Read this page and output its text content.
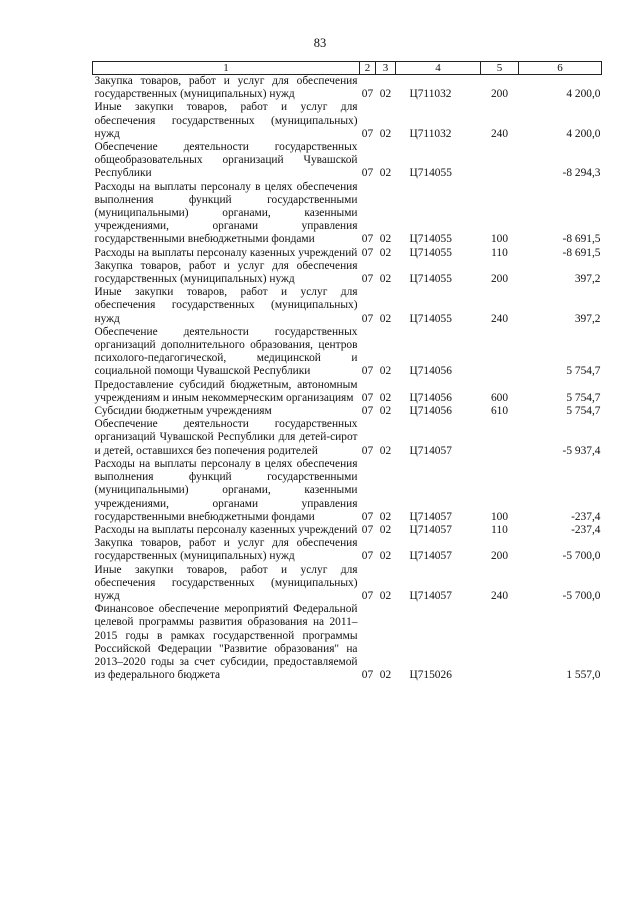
83
1	2	3	4	5	6
Закупка товаров, работ и услуг для обеспечения государственных (муниципальных) нужд	07	02	Ц711032	200	4 200,0
Иные закупки товаров, работ и услуг для обеспечения государственных (муниципальных) нужд	07	02	Ц711032	240	4 200,0
Обеспечение деятельности государственных общеобразовательных организаций Чувашской Республики	07	02	Ц714055		-8 294,3
Расходы на выплаты персоналу в целях обеспечения выполнения функций государственными (муниципальными) органами, казенными учреждениями, органами управления государственными внебюджетными фондами	07	02	Ц714055	100	-8 691,5
Расходы на выплаты персоналу казенных учреждений	07	02	Ц714055	110	-8 691,5
Закупка товаров, работ и услуг для обеспечения государственных (муниципальных) нужд	07	02	Ц714055	200	397,2
Иные закупки товаров, работ и услуг для обеспечения государственных (муниципальных) нужд	07	02	Ц714055	240	397,2
Обеспечение деятельности государственных организаций дополнительного образования, центров психолого-педагогической, медицинской и социальной помощи Чувашской Республики	07	02	Ц714056		5 754,7
Предоставление субсидий бюджетным, автономным учреждениям и иным некоммерческим организациям	07	02	Ц714056	600	5 754,7
Субсидии бюджетным учреждениям	07	02	Ц714056	610	5 754,7
Обеспечение деятельности государственных организаций Чувашской Республики для детей-сирот и детей, оставшихся без попечения родителей	07	02	Ц714057		-5 937,4
Расходы на выплаты персоналу в целях обеспечения выполнения функций государственными (муниципальными) органами, казенными учреждениями, органами управления государственными внебюджетными фондами	07	02	Ц714057	100	-237,4
Расходы на выплаты персоналу казенных учреждений	07	02	Ц714057	110	-237,4
Закупка товаров, работ и услуг для обеспечения государственных (муниципальных) нужд	07	02	Ц714057	200	-5 700,0
Иные закупки товаров, работ и услуг для обеспечения государственных (муниципальных) нужд	07	02	Ц714057	240	-5 700,0
Финансовое обеспечение мероприятий Федеральной целевой программы развития образования на 2011–2015 годы в рамках государственной программы Российской Федерации "Развитие образования" на 2013–2020 годы за счет субсидии, предоставляемой из федерального бюджета	07	02	Ц715026		1 557,0
